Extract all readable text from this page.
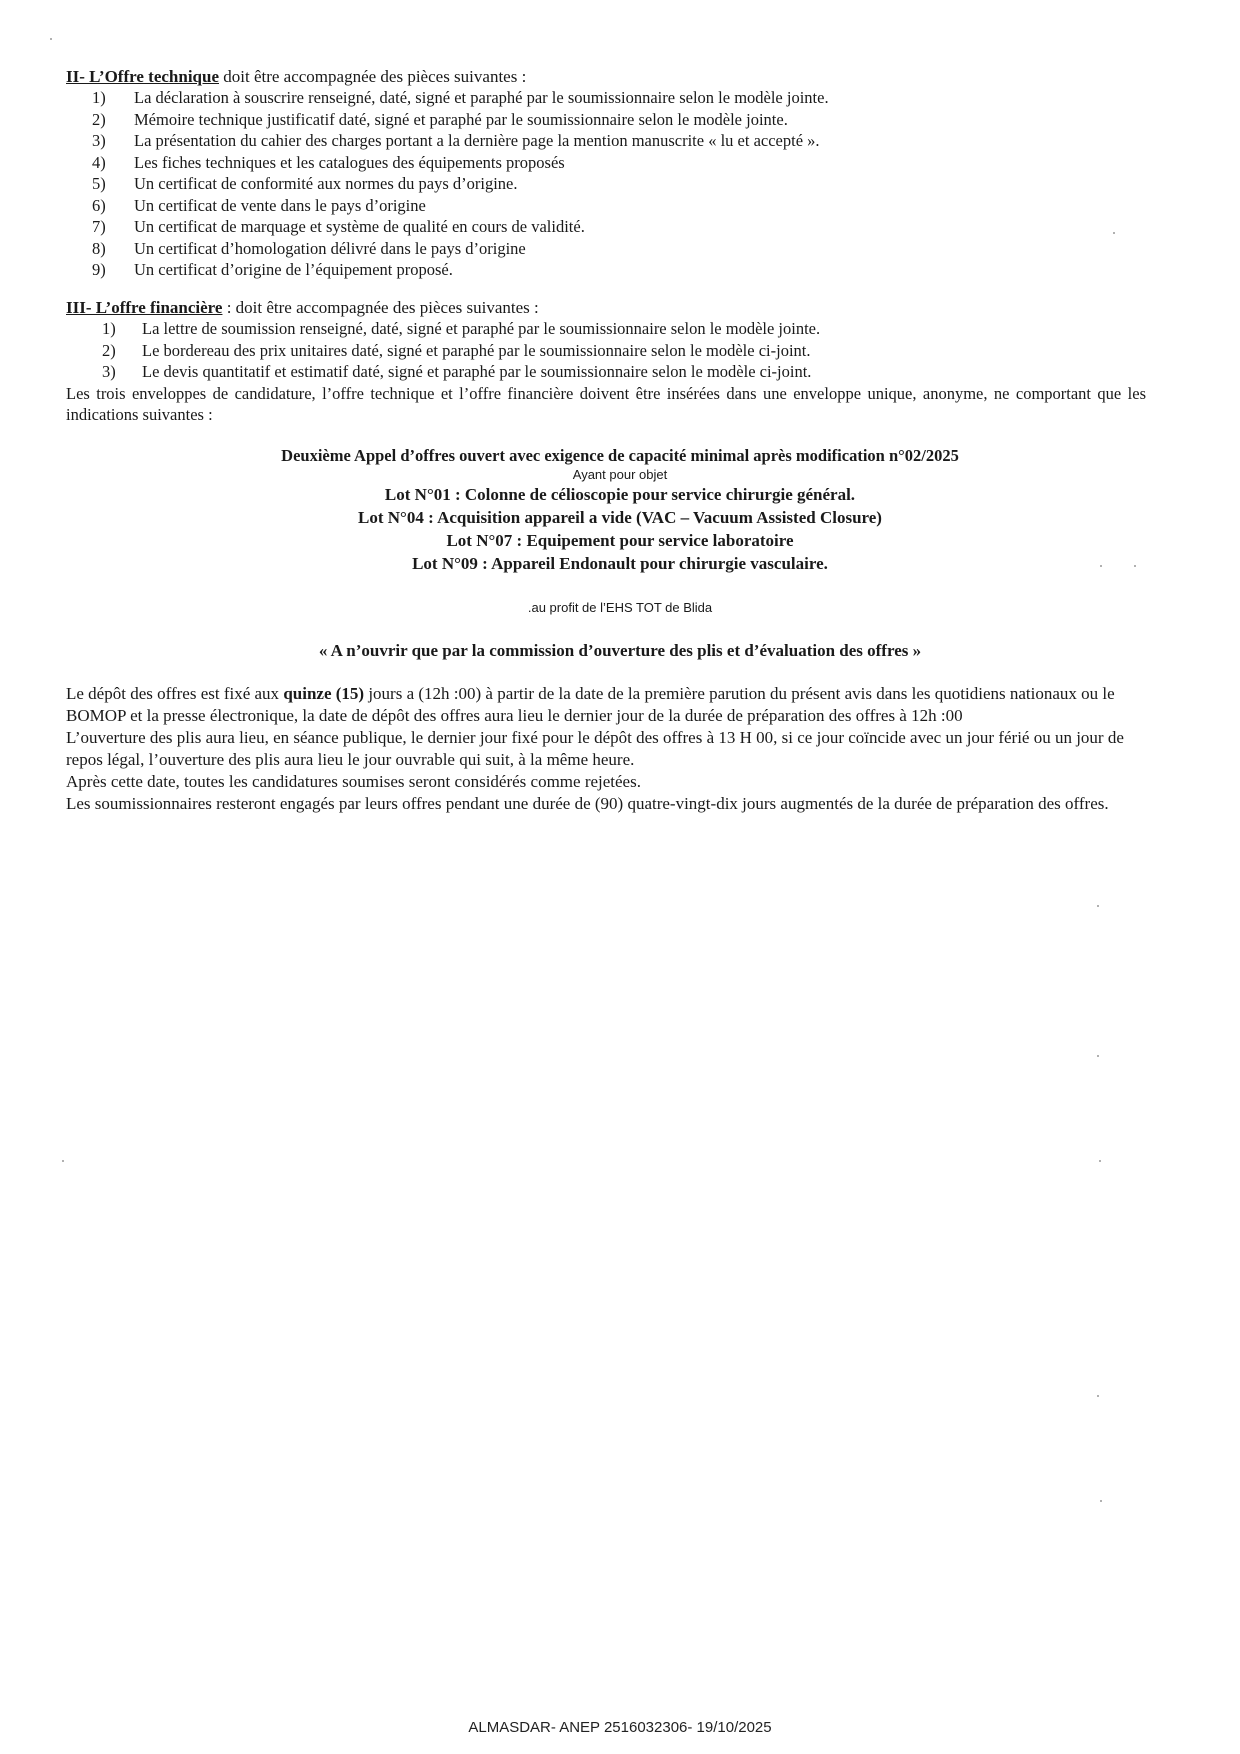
II- L’Offre technique doit être accompagnée des pièces suivantes :

1)	La déclaration à souscrire renseigné, daté, signé et paraphé par le soumissionnaire selon le modèle jointe.
2)	Mémoire technique justificatif daté, signé et paraphé par le soumissionnaire selon le modèle jointe.
3)	La présentation du cahier des charges portant a la dernière page la mention manuscrite « lu et accepté ».
4)	Les fiches techniques et les catalogues des équipements proposés
5)	Un certificat de conformité aux normes du pays d’origine.
6)	Un certificat de vente dans le pays d’origine
7)	Un certificat de marquage et système de qualité en cours de validité.
8)	Un certificat d’homologation délivré dans le pays d’origine
9)	Un certificat d’origine de l’équipement proposé.

III- L’offre financière : doit être accompagnée des pièces suivantes :

1)	La lettre de soumission renseigné, daté, signé et paraphé par le soumissionnaire selon le modèle jointe.
2)	Le bordereau des prix unitaires daté, signé et paraphé par le soumissionnaire selon le modèle ci-joint.
3)	Le devis quantitatif et estimatif daté, signé et paraphé par le soumissionnaire selon le modèle ci-joint.

Les trois enveloppes de candidature, l’offre technique et l’offre financière doivent être insérées dans une enveloppe unique, anonyme, ne comportant que les indications suivantes :

Deuxième Appel d’offres ouvert avec exigence de capacité minimal après modification n°02/2025
Ayant pour objet
Lot N°01 : Colonne de célioscopie pour service chirurgie général.
Lot N°04 : Acquisition appareil a vide (VAC – Vacuum Assisted Closure)
Lot N°07 : Equipement pour service laboratoire
Lot N°09 : Appareil Endonault pour chirurgie vasculaire.
.au profit de l’EHS TOT de Blida
« A n’ouvrir que par la commission d’ouverture des plis et d’évaluation des offres »

Le dépôt des offres est fixé aux quinze (15) jours a (12h :00) à partir de la date de la première parution du présent avis dans les quotidiens nationaux ou le BOMOP et la presse électronique, la date de dépôt des offres aura lieu le dernier jour de la durée de préparation des offres à 12h :00

L’ouverture des plis aura lieu, en séance publique, le dernier jour fixé pour le dépôt des offres à 13 H 00, si ce jour coïncide avec un jour férié ou un jour de repos légal, l’ouverture des plis aura lieu le jour ouvrable qui suit, à la même heure.

Après cette date, toutes les candidatures soumises seront considérés comme rejetées.

Les soumissionnaires resteront engagés par leurs offres pendant une durée de (90) quatre-vingt-dix jours augmentés de la durée de préparation des offres.

ALMASDAR- ANEP 2516032306- 19/10/2025
